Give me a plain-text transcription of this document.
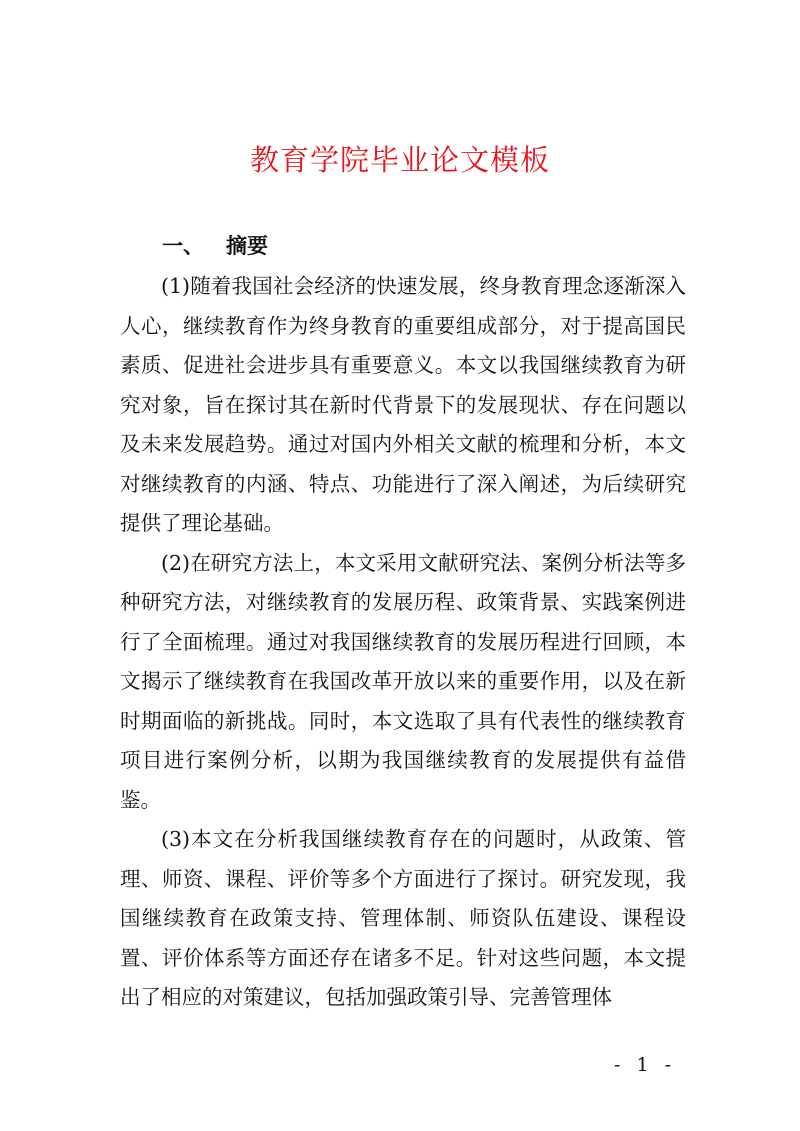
教育学院毕业论文模板
一、 摘要

(1)随着我国社会经济的快速发展，终身教育理念逐渐深入人心，继续教育作为终身教育的重要组成部分，对于提高国民素质、促进社会进步具有重要意义。本文以我国继续教育为研究对象，旨在探讨其在新时代背景下的发展现状、存在问题以及未来发展趋势。通过对国内外相关文献的梳理和分析，本文对继续教育的内涵、特点、功能进行了深入阐述，为后续研究提供了理论基础。

(2)在研究方法上，本文采用文献研究法、案例分析法等多种研究方法，对继续教育的发展历程、政策背景、实践案例进行了全面梳理。通过对我国继续教育的发展历程进行回顾，本文揭示了继续教育在我国改革开放以来的重要作用，以及在新时期面临的新挑战。同时，本文选取了具有代表性的继续教育项目进行案例分析，以期为我国继续教育的发展提供有益借鉴。

(3)本文在分析我国继续教育存在的问题时，从政策、管理、师资、课程、评价等多个方面进行了探讨。研究发现，我国继续教育在政策支持、管理体制、师资队伍建设、课程设置、评价体系等方面还存在诸多不足。针对这些问题，本文提出了相应的对策建议，包括加强政策引导、完善管理体

- 1 -
